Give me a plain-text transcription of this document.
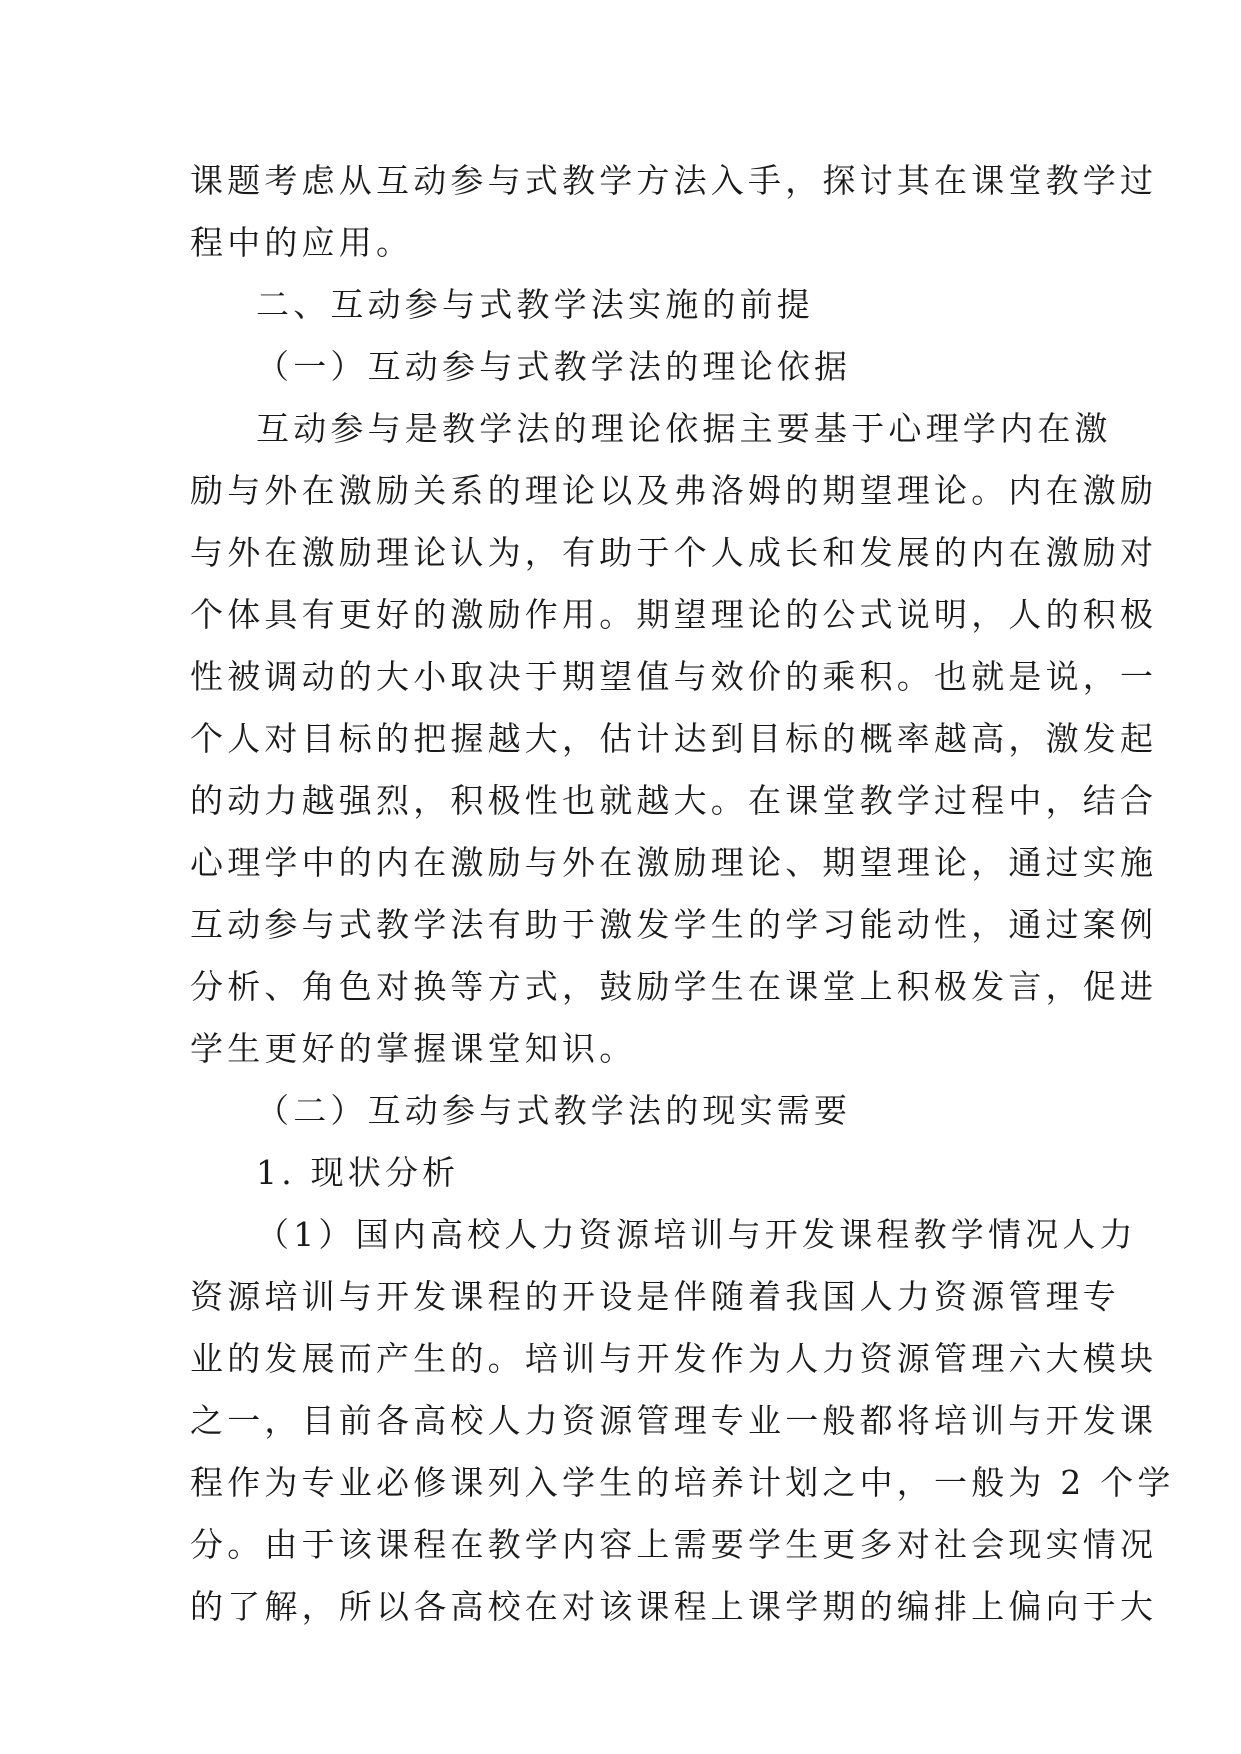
课题考虑从互动参与式教学方法入手，探讨其在课堂教学过

程中的应用。

二、互动参与式教学法实施的前提

（一）互动参与式教学法的理论依据

互动参与是教学法的理论依据主要基于心理学内在激

励与外在激励关系的理论以及弗洛姆的期望理论。内在激励

与外在激励理论认为，有助于个人成长和发展的内在激励对

个体具有更好的激励作用。期望理论的公式说明，人的积极

性被调动的大小取决于期望值与效价的乘积。也就是说，一

个人对目标的把握越大，估计达到目标的概率越高，激发起

的动力越强烈，积极性也就越大。在课堂教学过程中，结合

心理学中的内在激励与外在激励理论、期望理论，通过实施

互动参与式教学法有助于激发学生的学习能动性，通过案例

分析、角色对换等方式，鼓励学生在课堂上积极发言，促进

学生更好的掌握课堂知识。

（二）互动参与式教学法的现实需要

1. 现状分析

（1）国内高校人力资源培训与开发课程教学情况人力

资源培训与开发课程的开设是伴随着我国人力资源管理专

业的发展而产生的。培训与开发作为人力资源管理六大模块

之一，目前各高校人力资源管理专业一般都将培训与开发课

程作为专业必修课列入学生的培养计划之中，一般为 2 个学

分。由于该课程在教学内容上需要学生更多对社会现实情况

的了解，所以各高校在对该课程上课学期的编排上偏向于大
